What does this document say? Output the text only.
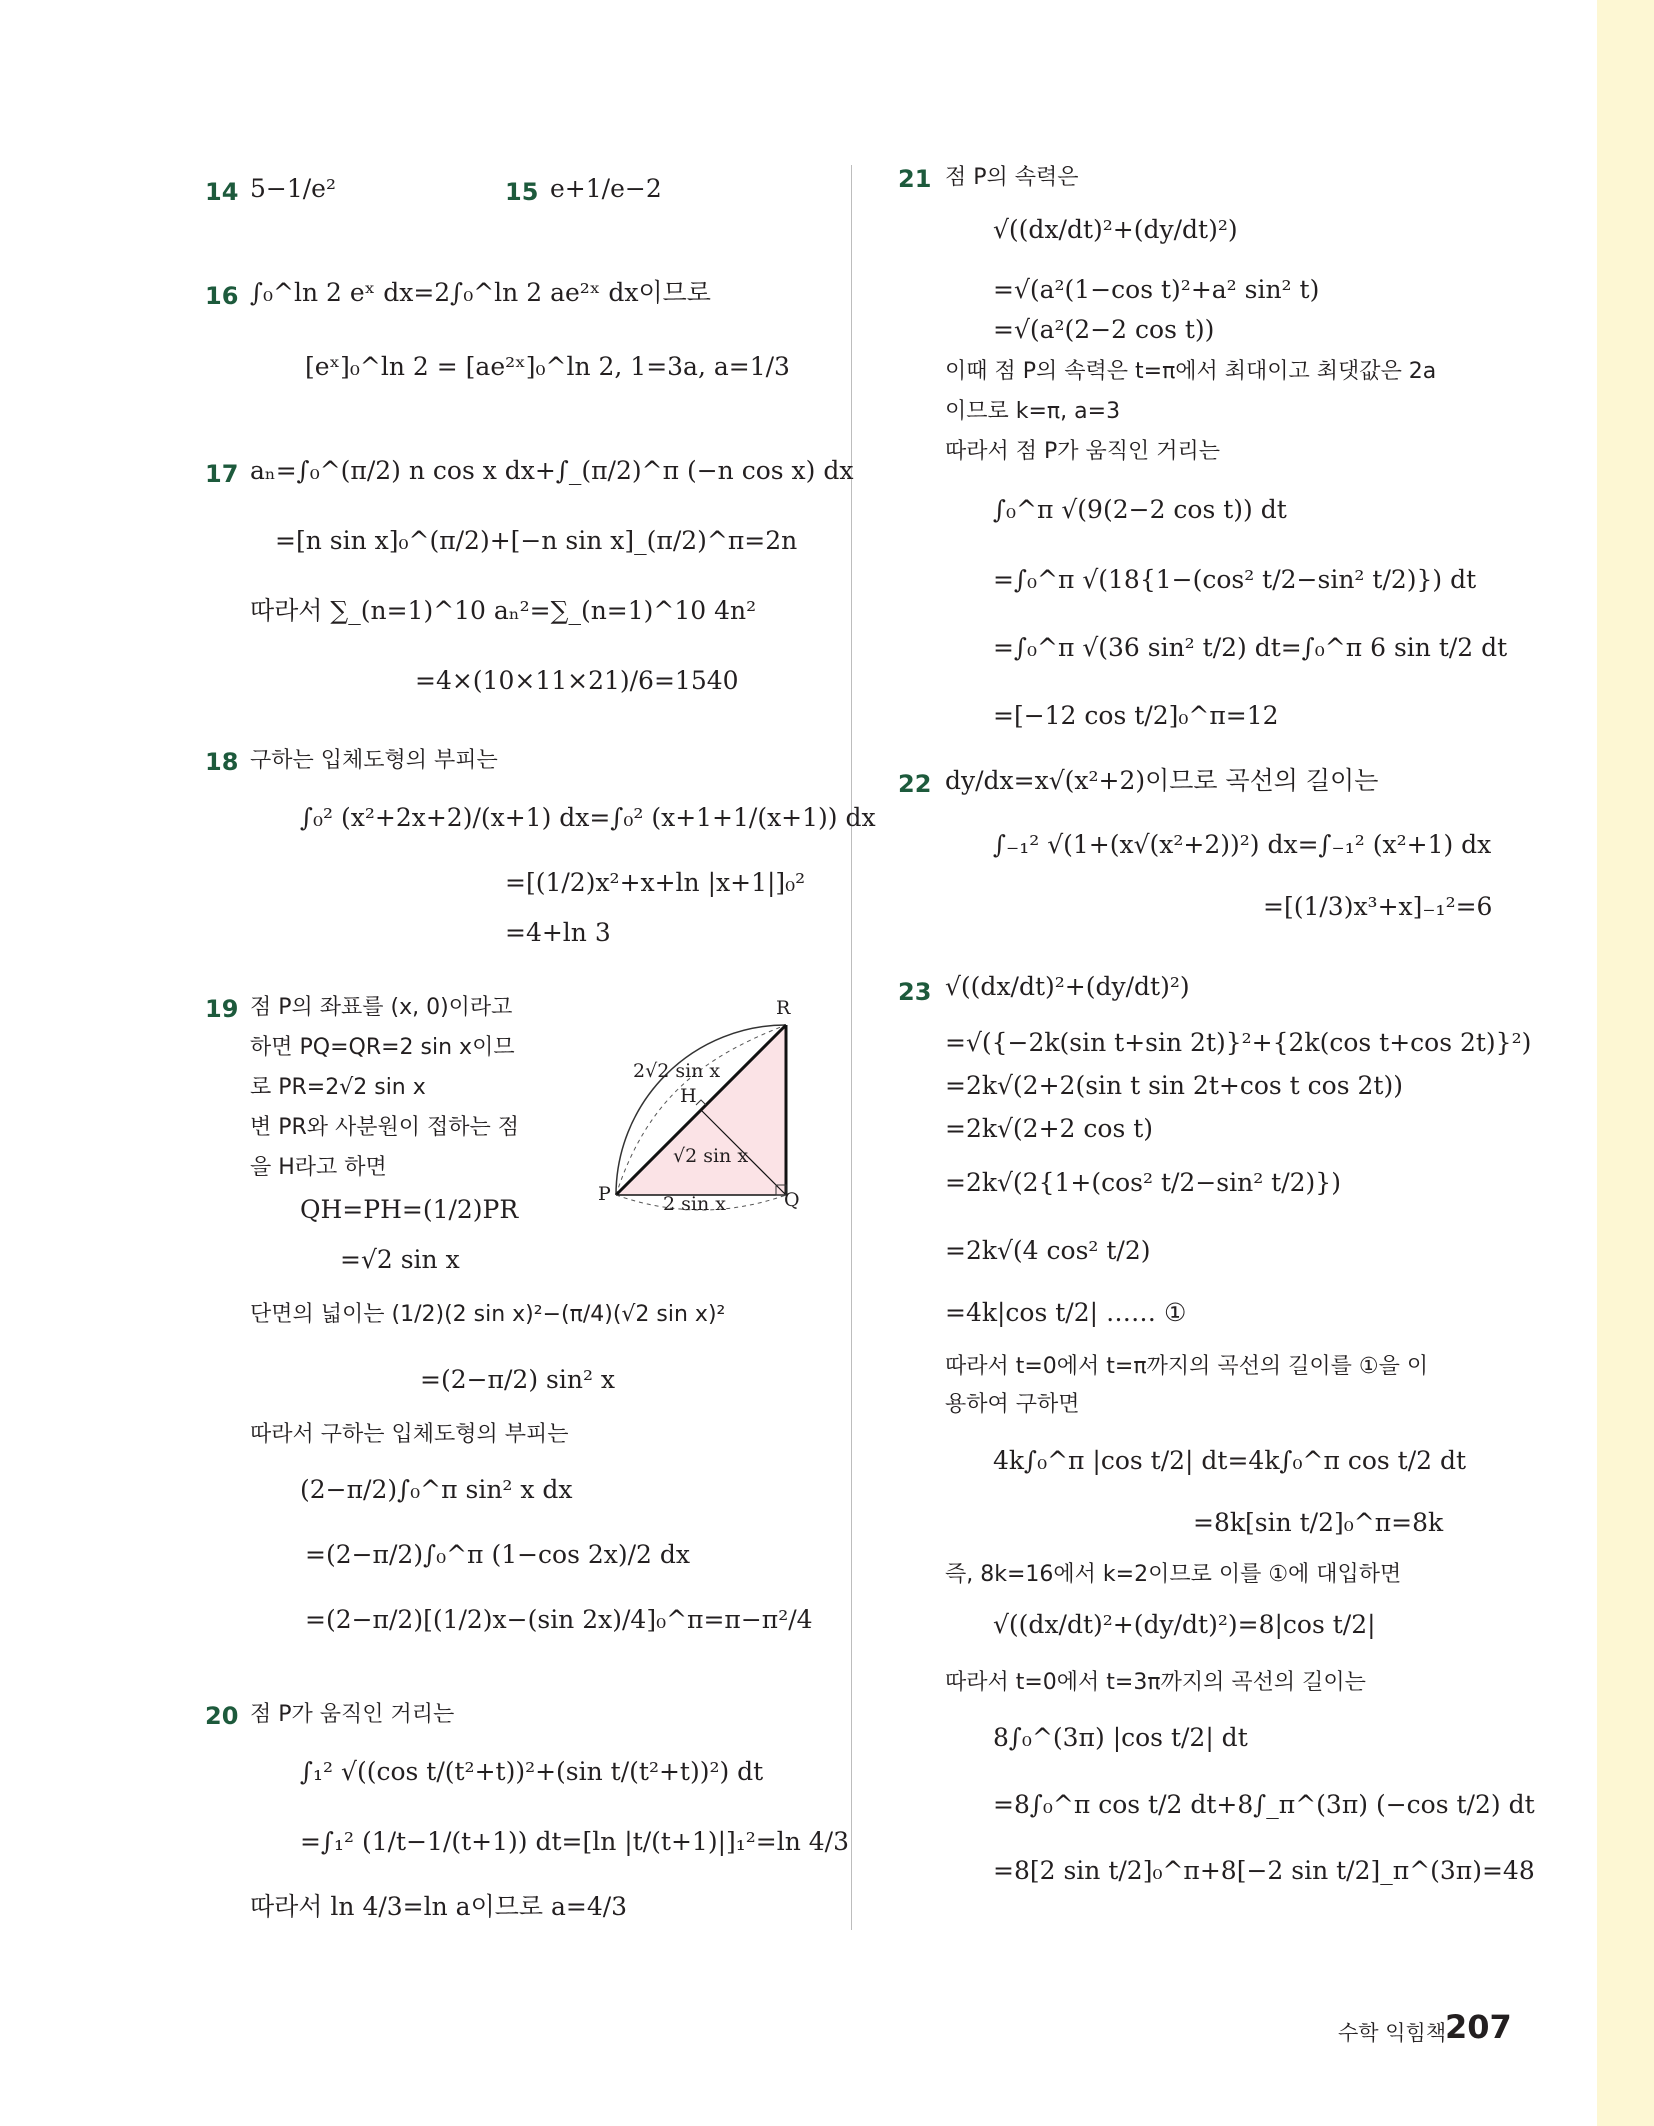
14 5−1/e²	15 e+1/e−2
16 ∫₀^ln 2 eˣ dx=2∫₀^ln 2 ae²ˣ dx이므로
[eˣ]₀^ln 2 = [ae²ˣ]₀^ln 2, 1=3a, a=1/3
17 aₙ=∫₀^(π/2) n cos x dx+∫_(π/2)^π (−n cos x) dx
=[n sin x]₀^(π/2)+[−n sin x]_(π/2)^π=2n
따라서 ∑_(n=1)^10 aₙ²=∑_(n=1)^10 4n²
=4×(10×11×21)/6=1540
18 구하는 입체도형의 부피는
∫₀² (x²+2x+2)/(x+1) dx=∫₀² (x+1+1/(x+1)) dx
=[(1/2)x²+x+ln |x+1|]₀²
=4+ln 3
19 점 P의 좌표를 (x, 0)이라고
하면 PQ=QR=2 sin x이므
로 PR=2√2 sin x
변 PR와 사분원이 접하는 점
을 H라고 하면
QH=PH=(1/2)PR
=√2 sin x
단면의 넓이는 (1/2)(2 sin x)²−(π/4)(√2 sin x)²
=(2−π/2) sin² x
따라서 구하는 입체도형의 부피는
(2−π/2)∫₀^π sin² x dx
=(2−π/2)∫₀^π (1−cos 2x)/2 dx
=(2−π/2)[(1/2)x−(sin 2x)/4]₀^π=π−π²/4
R
2√2 sin x
H
√2 sin x
P	Q
2 sin x
20 점 P가 움직인 거리는
∫₁² √((cos t/(t²+t))²+(sin t/(t²+t))²) dt
=∫₁² (1/t−1/(t+1)) dt=[ln |t/(t+1)|]₁²=ln 4/3
따라서 ln 4/3=ln a이므로 a=4/3
21 점 P의 속력은
√((dx/dt)²+(dy/dt)²)
=√(a²(1−cos t)²+a² sin² t)
=√(a²(2−2 cos t))
이때 점 P의 속력은 t=π에서 최대이고 최댓값은 2a
이므로 k=π, a=3
따라서 점 P가 움직인 거리는
∫₀^π √(9(2−2 cos t)) dt
=∫₀^π √(18{1−(cos² t/2−sin² t/2)}) dt
=∫₀^π √(36 sin² t/2) dt=∫₀^π 6 sin t/2 dt
=[−12 cos t/2]₀^π=12
22 dy/dx=x√(x²+2)이므로 곡선의 길이는
∫₋₁² √(1+(x√(x²+2))²) dx=∫₋₁² (x²+1) dx
=[(1/3)x³+x]₋₁²=6
23 √((dx/dt)²+(dy/dt)²)
=√({−2k(sin t+sin 2t)}²+{2k(cos t+cos 2t)}²)
=2k√(2+2(sin t sin 2t+cos t cos 2t))
=2k√(2+2 cos t)
=2k√(2{1+(cos² t/2−sin² t/2)})
=2k√(4 cos² t/2)
=4k|cos t/2| …… ①
따라서 t=0에서 t=π까지의 곡선의 길이를 ①을 이
용하여 구하면
4k∫₀^π |cos t/2| dt=4k∫₀^π cos t/2 dt
=8k[sin t/2]₀^π=8k
즉, 8k=16에서 k=2이므로 이를 ①에 대입하면
√((dx/dt)²+(dy/dt)²)=8|cos t/2|
따라서 t=0에서 t=3π까지의 곡선의 길이는
8∫₀^(3π) |cos t/2| dt
=8∫₀^π cos t/2 dt+8∫_π^(3π) (−cos t/2) dt
=8[2 sin t/2]₀^π+8[−2 sin t/2]_π^(3π)=48
수학 익힘책
207
